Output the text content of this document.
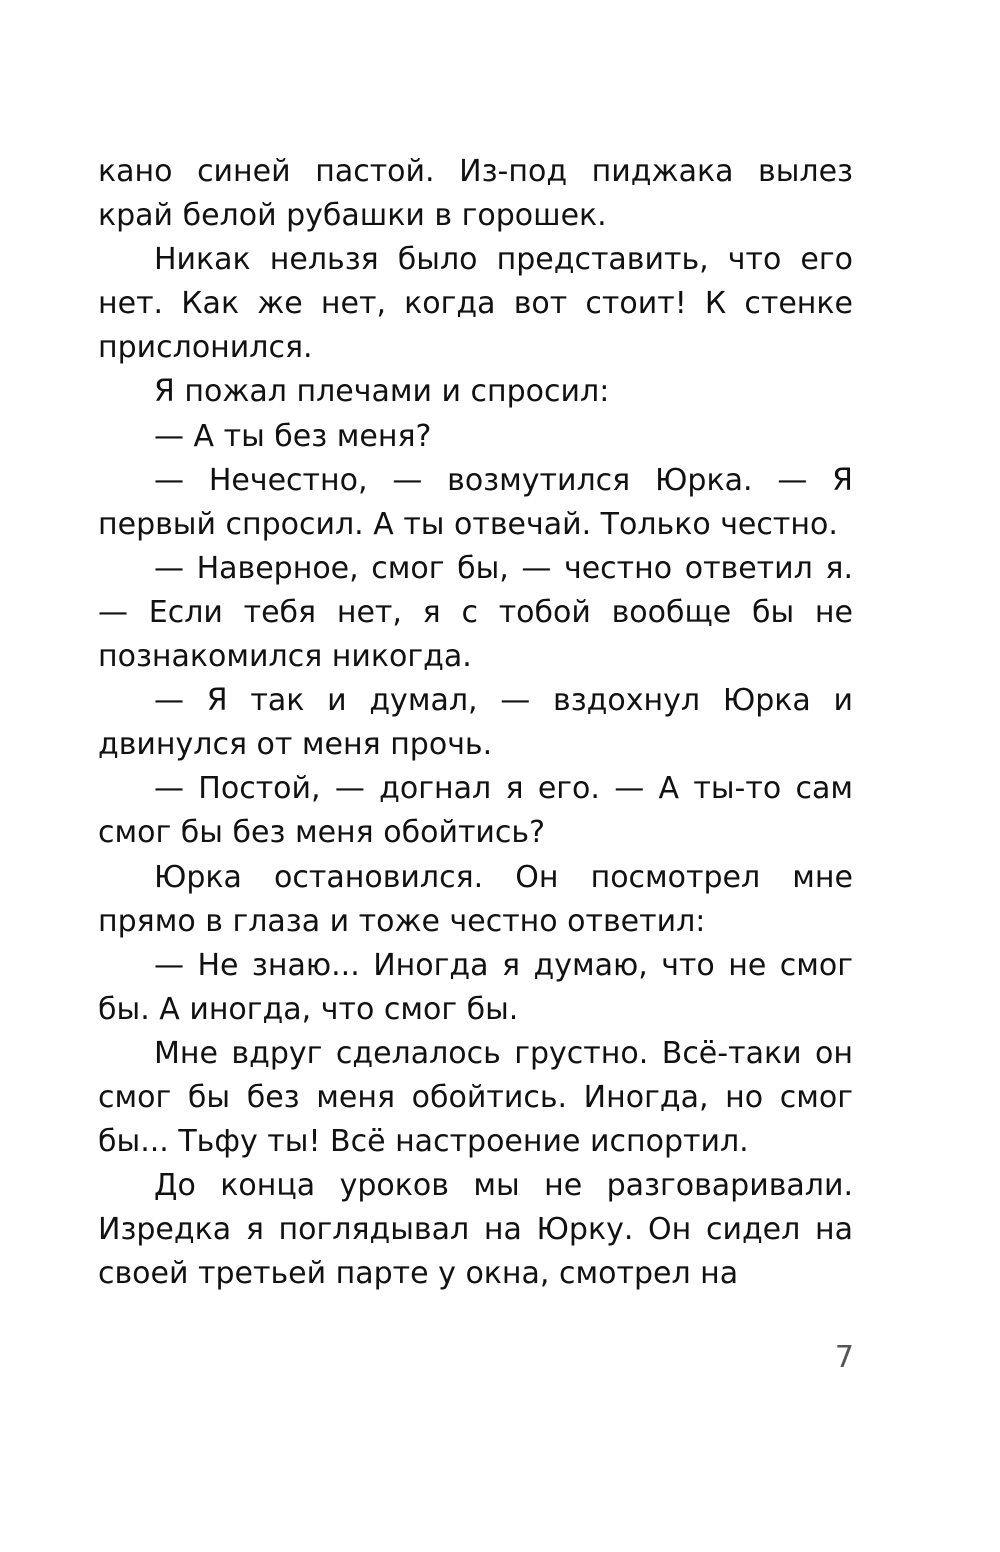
кано синей пастой. Из-под пиджака вылез край белой рубашки в горошек.

Никак нельзя было представить, что его нет. Как же нет, когда вот стоит! К стенке прислонился.

Я пожал плечами и спросил:

— А ты без меня?

— Нечестно, — возмутился Юрка. — Я первый спросил. А ты отвечай. Только честно.

— Наверное, смог бы, — честно ответил я. — Если тебя нет, я с тобой вообще бы не познакомился никогда.

— Я так и думал, — вздохнул Юрка и двинулся от меня прочь.

— Постой, — догнал я его. — А ты-то сам смог бы без меня обойтись?

Юрка остановился. Он посмотрел мне прямо в глаза и тоже честно ответил:

— Не знаю... Иногда я думаю, что не смог бы. А иногда, что смог бы.

Мне вдруг сделалось грустно. Всё-таки он смог бы без меня обойтись. Иногда, но смог бы... Тьфу ты! Всё настроение испортил.

До конца уроков мы не разговаривали. Изредка я поглядывал на Юрку. Он сидел на своей третьей парте у окна, смотрел на

7
